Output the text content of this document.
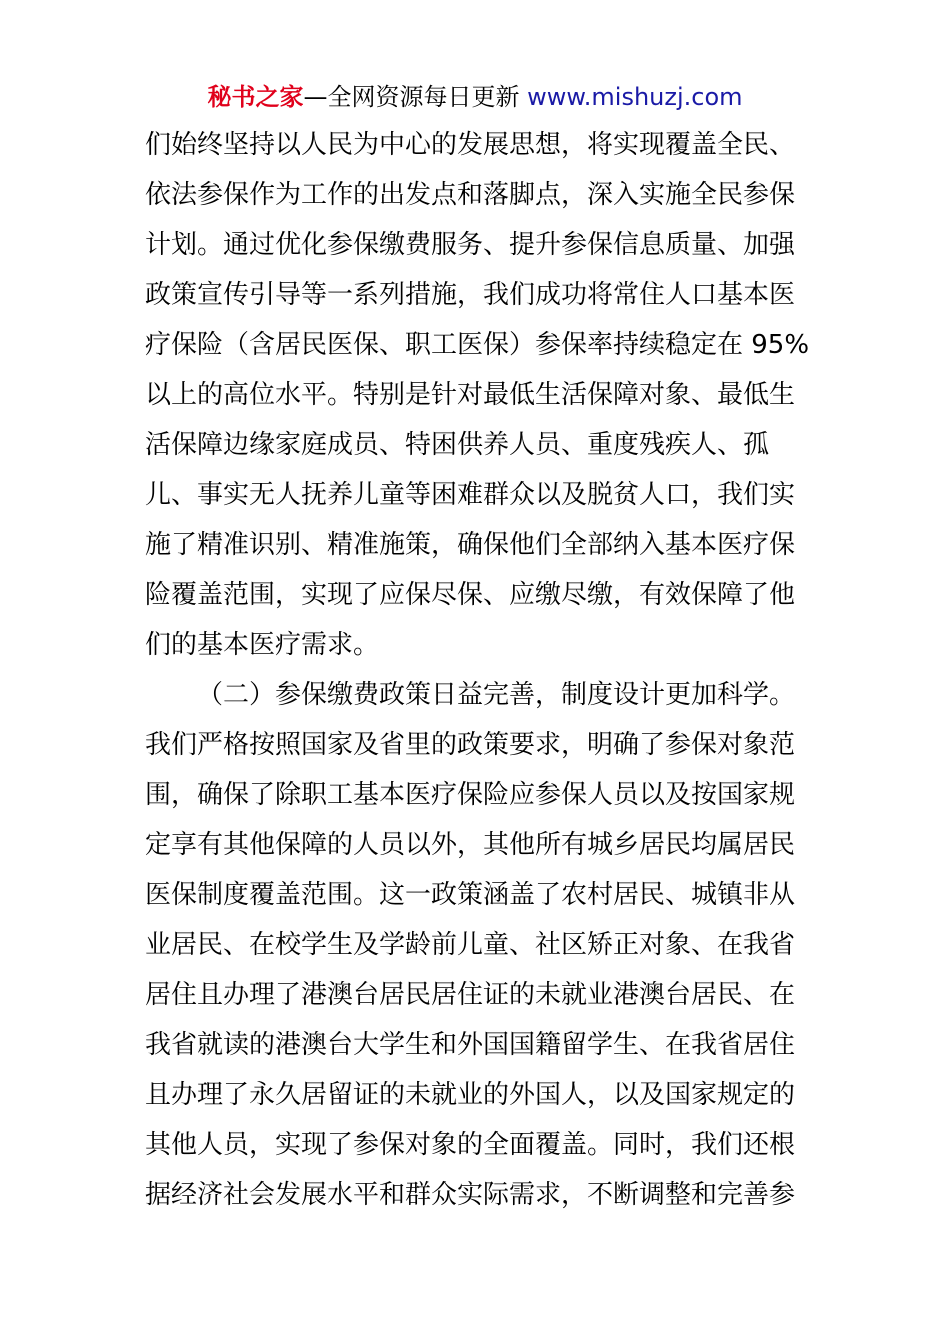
秘书之家—全网资源每日更新 www.mishuzj.com
们始终坚持以人民为中心的发展思想，将实现覆盖全民、
依法参保作为工作的出发点和落脚点，深入实施全民参保
计划。通过优化参保缴费服务、提升参保信息质量、加强
政策宣传引导等一系列措施，我们成功将常住人口基本医
疗保险（含居民医保、职工医保）参保率持续稳定在 95%
以上的高位水平。特别是针对最低生活保障对象、最低生
活保障边缘家庭成员、特困供养人员、重度残疾人、孤
儿、事实无人抚养儿童等困难群众以及脱贫人口，我们实
施了精准识别、精准施策，确保他们全部纳入基本医疗保
险覆盖范围，实现了应保尽保、应缴尽缴，有效保障了他
们的基本医疗需求。
（二）参保缴费政策日益完善，制度设计更加科学。
我们严格按照国家及省里的政策要求，明确了参保对象范
围，确保了除职工基本医疗保险应参保人员以及按国家规
定享有其他保障的人员以外，其他所有城乡居民均属居民
医保制度覆盖范围。这一政策涵盖了农村居民、城镇非从
业居民、在校学生及学龄前儿童、社区矫正对象、在我省
居住且办理了港澳台居民居住证的未就业港澳台居民、在
我省就读的港澳台大学生和外国国籍留学生、在我省居住
且办理了永久居留证的未就业的外国人，以及国家规定的
其他人员，实现了参保对象的全面覆盖。同时，我们还根
据经济社会发展水平和群众实际需求，不断调整和完善参
